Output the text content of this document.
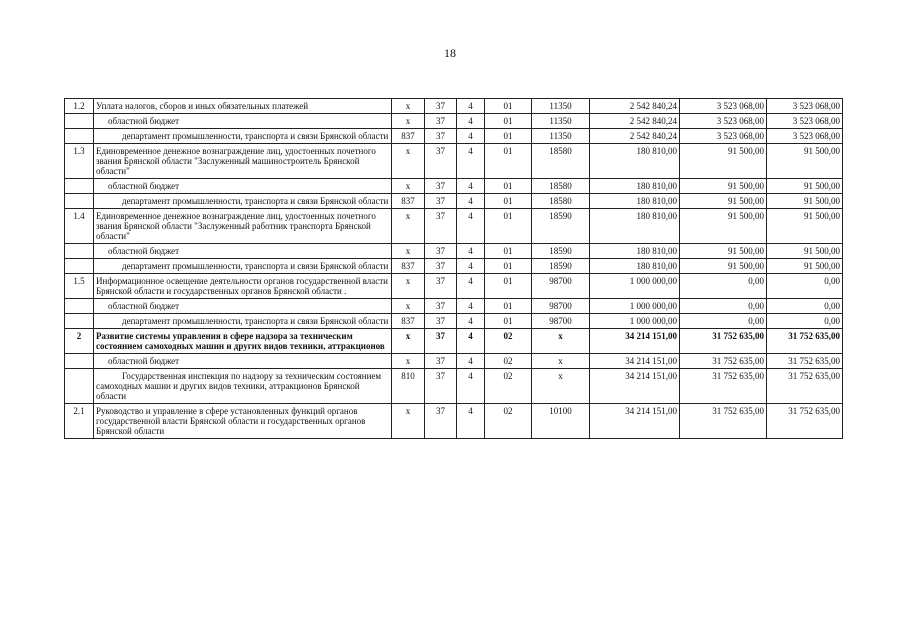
18
1.2	Уплата налогов, сборов и иных обязательных платежей	х	37	4	01	11350	2 542 840,24	3 523 068,00	3 523 068,00
	областной бюджет	х	37	4	01	11350	2 542 840,24	3 523 068,00	3 523 068,00
	департамент промышленности, транспорта и связи Брянской области	837	37	4	01	11350	2 542 840,24	3 523 068,00	3 523 068,00
1.3	Единовременное денежное вознаграждение лиц, удостоенных почетного звания Брянской области "Заслуженный машиностроитель Брянской области"	х	37	4	01	18580	180 810,00	91 500,00	91 500,00
	областной бюджет	х	37	4	01	18580	180 810,00	91 500,00	91 500,00
	департамент промышленности, транспорта и связи Брянской области	837	37	4	01	18580	180 810,00	91 500,00	91 500,00
1.4	Единовременное денежное вознаграждение лиц, удостоенных почетного звания Брянской области "Заслуженный работник транспорта Брянской области"	х	37	4	01	18590	180 810,00	91 500,00	91 500,00
	областной бюджет	х	37	4	01	18590	180 810,00	91 500,00	91 500,00
	департамент промышленности, транспорта и связи Брянской области	837	37	4	01	18590	180 810,00	91 500,00	91 500,00
1.5	Информационное освещение деятельности органов государственной власти Брянской области и государственных органов Брянской области .	х	37	4	01	98700	1 000 000,00	0,00	0,00
	областной бюджет	х	37	4	01	98700	1 000 000,00	0,00	0,00
	департамент промышленности, транспорта и связи Брянской области	837	37	4	01	98700	1 000 000,00	0,00	0,00
2	Развитие системы управления в сфере надзора за техническим состоянием самоходных машин и других видов техники, аттракционов	х	37	4	02	х	34 214 151,00	31 752 635,00	31 752 635,00
	областной бюджет	х	37	4	02	х	34 214 151,00	31 752 635,00	31 752 635,00
	Государственная инспекция по надзору за техническим состоянием самоходных машин и других видов техники, аттракционов Брянской области	810	37	4	02	х	34 214 151,00	31 752 635,00	31 752 635,00
2.1	Руководство и управление в сфере установленных функций органов государственной власти Брянской области и государственных органов Брянской области	х	37	4	02	10100	34 214 151,00	31 752 635,00	31 752 635,00
